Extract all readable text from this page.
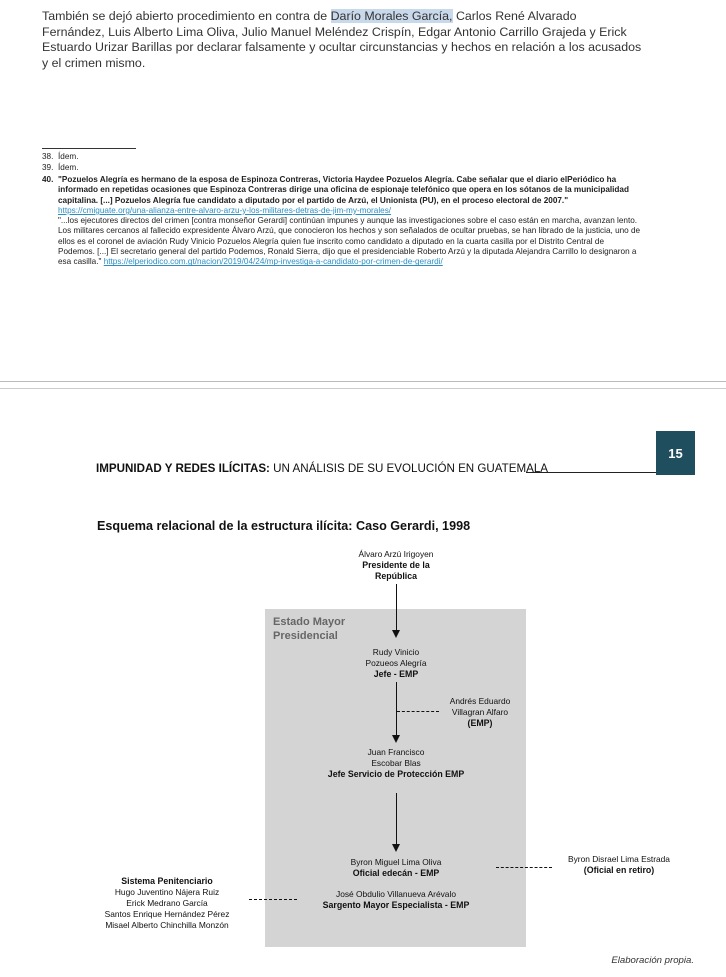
También se dejó abierto procedimiento en contra de Darío Morales García, Carlos René Alvarado Fernández, Luis Alberto Lima Oliva, Julio Manuel Meléndez Crispín, Edgar Antonio Carrillo Grajeda y Erick Estuardo Urizar Barillas por declarar falsamente y ocultar circunstancias y hechos en relación a los acusados y el crimen mismo.
38. Ídem.
39. Ídem.
40. "Pozuelos Alegría es hermano de la esposa de Espinoza Contreras, Victoria Haydee Pozuelos Alegría. Cabe señalar que el diario elPeriódico ha informado en repetidas ocasiones que Espinoza Contreras dirige una oficina de espionaje telefónico que opera en los sótanos de la municipalidad capitalina. [...] Pozuelos Alegría fue candidato a diputado por el partido de Arzú, el Unionista (PU), en el proceso electoral de 2007." https://cmiguate.org/una-alianza-entre-alvaro-arzu-y-los-militares-detras-de-jim-my-morales/
"...los ejecutores directos del crimen [contra monseñor Gerardi] continúan impunes y aunque las investigaciones sobre el caso están en marcha, avanzan lento. Los militares cercanos al fallecido expresidente Álvaro Arzú, que conocieron los hechos y son señalados de ocultar pruebas, se han librado de la justicia, uno de ellos es el coronel de aviación Rudy Vinicio Pozuelos Alegría quien fue inscrito como candidato a diputado en la cuarta casilla por el Distrito Central de Podemos. [...] El secretario general del partido Podemos, Ronald Sierra, dijo que el presidenciable Roberto Arzú y la diputada Alejandra Carrillo lo designaron a esa casilla." https://elperiodico.com.gt/nacion/2019/04/24/mp-investiga-a-candidato-por-crimen-de-gerardi/
IMPUNIDAD Y REDES ILÍCITAS: UN ANÁLISIS DE SU EVOLUCIÓN EN GUATEMALA
15
Esquema relacional de la estructura ilícita: Caso Gerardi, 1998
Estado Mayor Presidencial
Álvaro Arzú Irigoyen
Presidente de la República
Rudy Vinicio Pozueos Alegría
Jefe - EMP
Andrés Eduardo Villagran Alfaro
(EMP)
Juan Francisco Escobar Blas
Jefe Servicio de Protección EMP
Byron Miguel Lima Oliva
Oficial edecán - EMP
José Obdulio Villanueva Arévalo
Sargento Mayor Especialista - EMP
Byron Disrael Lima Estrada
(Oficial en retiro)
Sistema Penitenciario
Hugo Juventino Nájera Ruiz
Erick Medrano García
Santos Enrique Hernández Pérez
Misael Alberto Chinchilla Monzón
Elaboración propia.
